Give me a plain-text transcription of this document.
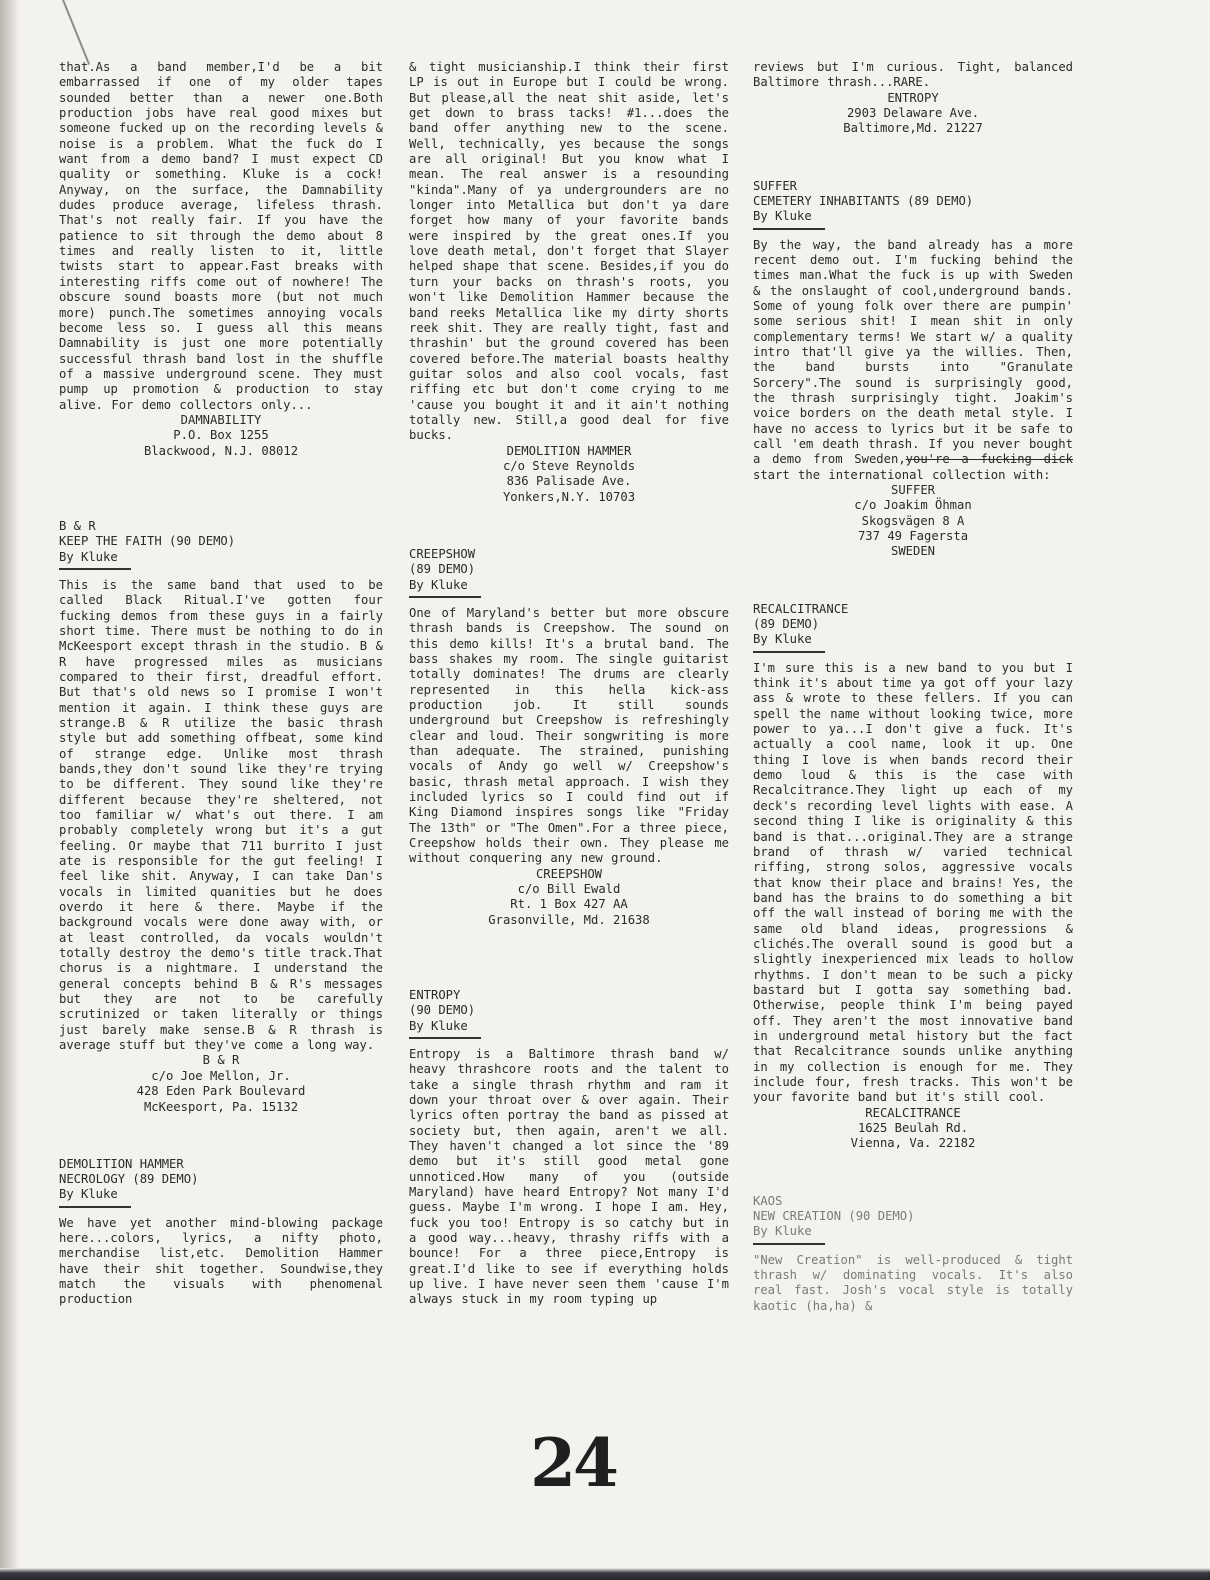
that.As a band member,I'd be a bit embarrassed if one of my older tapes sounded better than a newer one.Both production jobs have real good mixes but someone fucked up on the recording levels & noise is a problem. What the fuck do I want from a demo band? I must expect CD quality or something. Kluke is a cock! Anyway, on the surface, the Damnability dudes produce average, lifeless thrash. That's not really fair. If you have the patience to sit through the demo about 8 times and really listen to it, little twists start to appear.Fast breaks with interesting riffs come out of nowhere! The obscure sound boasts more (but not much more) punch.The sometimes annoying vocals become less so. I guess all this means Damnability is just one more potentially successful thrash band lost in the shuffle of a massive underground scene. They must pump up promotion & production to stay alive. For demo collectors only...
DAMNABILITY
P.O. Box 1255
Blackwood, N.J. 08012
B & R
KEEP THE FAITH (90 DEMO)
By Kluke
This is the same band that used to be called Black Ritual.I've gotten four fucking demos from these guys in a fairly short time. There must be nothing to do in McKeesport except thrash in the studio. B & R have progressed miles as musicians compared to their first, dreadful effort. But that's old news so I promise I won't mention it again. I think these guys are strange.B & R utilize the basic thrash style but add something offbeat, some kind of strange edge. Unlike most thrash bands,they don't sound like they're trying to be different. They sound like they're different because they're sheltered, not too familiar w/ what's out there. I am probably completely wrong but it's a gut feeling. Or maybe that 711 burrito I just ate is responsible for the gut feeling! I feel like shit. Anyway, I can take Dan's vocals in limited quanities but he does overdo it here & there. Maybe if the background vocals were done away with, or at least controlled, da vocals wouldn't totally destroy the demo's title track.That chorus is a nightmare. I understand the general concepts behind B & R's messages but they are not to be carefully scrutinized or taken literally or things just barely make sense.B & R thrash is average stuff but they've come a long way.
B & R
c/o Joe Mellon, Jr.
428 Eden Park Boulevard
McKeesport, Pa. 15132
DEMOLITION HAMMER
NECROLOGY (89 DEMO)
By Kluke
We have yet another mind-blowing package here...colors, lyrics, a nifty photo, merchandise list,etc. Demolition Hammer have their shit together. Soundwise,they match the visuals with phenomenal production
& tight musicianship.I think their first LP is out in Europe but I could be wrong. But please,all the neat shit aside, let's get down to brass tacks! #1...does the band offer anything new to the scene. Well, technically, yes because the songs are all original! But you know what I mean. The real answer is a resounding "kinda".Many of ya undergrounders are no longer into Metallica but don't ya dare forget how many of your favorite bands were inspired by the great ones.If you love death metal, don't forget that Slayer helped shape that scene. Besides,if you do turn your backs on thrash's roots, you won't like Demolition Hammer because the band reeks Metallica like my dirty shorts reek shit. They are really tight, fast and thrashin' but the ground covered has been covered before.The material boasts healthy guitar solos and also cool vocals, fast riffing etc but don't come crying to me 'cause you bought it and it ain't nothing totally new. Still,a good deal for five bucks.
DEMOLITION HAMMER
c/o Steve Reynolds
836 Palisade Ave.
Yonkers,N.Y. 10703
CREEPSHOW
(89 DEMO)
By Kluke
One of Maryland's better but more obscure thrash bands is Creepshow. The sound on this demo kills! It's a brutal band. The bass shakes my room. The single guitarist totally dominates! The drums are clearly represented in this hella kick-ass production job. It still sounds underground but Creepshow is refreshingly clear and loud. Their songwriting is more than adequate. The strained, punishing vocals of Andy go well w/ Creepshow's basic, thrash metal approach. I wish they included lyrics so I could find out if King Diamond inspires songs like "Friday The 13th" or "The Omen".For a three piece, Creepshow holds their own. They please me without conquering any new ground.
CREEPSHOW
c/o Bill Ewald
Rt. 1 Box 427 AA
Grasonville, Md. 21638
ENTROPY
(90 DEMO)
By Kluke
Entropy is a Baltimore thrash band w/ heavy thrashcore roots and the talent to take a single thrash rhythm and ram it down your throat over & over again. Their lyrics often portray the band as pissed at society but, then again, aren't we all. They haven't changed a lot since the '89 demo but it's still good metal gone unnoticed.How many of you (outside Maryland) have heard Entropy? Not many I'd guess. Maybe I'm wrong. I hope I am. Hey, fuck you too! Entropy is so catchy but in a good way...heavy, thrashy riffs with a bounce! For a three piece,Entropy is great.I'd like to see if everything holds up live. I have never seen them 'cause I'm always stuck in my room typing up
reviews but I'm curious. Tight, balanced Baltimore thrash...RARE.
ENTROPY
2903 Delaware Ave.
Baltimore,Md. 21227
SUFFER
CEMETERY INHABITANTS (89 DEMO)
By Kluke
By the way, the band already has a more recent demo out. I'm fucking behind the times man.What the fuck is up with Sweden & the onslaught of cool,underground bands. Some of young folk over there are pumpin' some serious shit! I mean shit in only complementary terms! We start w/ a quality intro that'll give ya the willies. Then, the band bursts into "Granulate Sorcery".The sound is surprisingly good, the thrash surprisingly tight. Joakim's voice borders on the death metal style. I have no access to lyrics but it be safe to call 'em death thrash. If you never bought a demo from Sweden,you're a fucking dick start the international collection with:
SUFFER
c/o Joakim Öhman
Skogsvägen 8 A
737 49 Fagersta
SWEDEN
RECALCITRANCE
(89 DEMO)
By Kluke
I'm sure this is a new band to you but I think it's about time ya got off your lazy ass & wrote to these fellers. If you can spell the name without looking twice, more power to ya...I don't give a fuck. It's actually a cool name, look it up. One thing I love is when bands record their demo loud & this is the case with Recalcitrance.They light up each of my deck's recording level lights with ease. A second thing I like is originality & this band is that...original.They are a strange brand of thrash w/ varied technical riffing, strong solos, aggressive vocals that know their place and brains! Yes, the band has the brains to do something a bit off the wall instead of boring me with the same old bland ideas, progressions & clichés.The overall sound is good but a slightly inexperienced mix leads to hollow rhythms. I don't mean to be such a picky bastard but I gotta say something bad. Otherwise, people think I'm being payed off. They aren't the most innovative band in underground metal history but the fact that Recalcitrance sounds unlike anything in my collection is enough for me. They include four, fresh tracks. This won't be your favorite band but it's still cool.
RECALCITRANCE
1625 Beulah Rd.
Vienna, Va. 22182
KAOS
NEW CREATION (90 DEMO)
By Kluke
"New Creation" is well-produced & tight thrash w/ dominating vocals. It's also real fast. Josh's vocal style is totally kaotic (ha,ha) &
24
